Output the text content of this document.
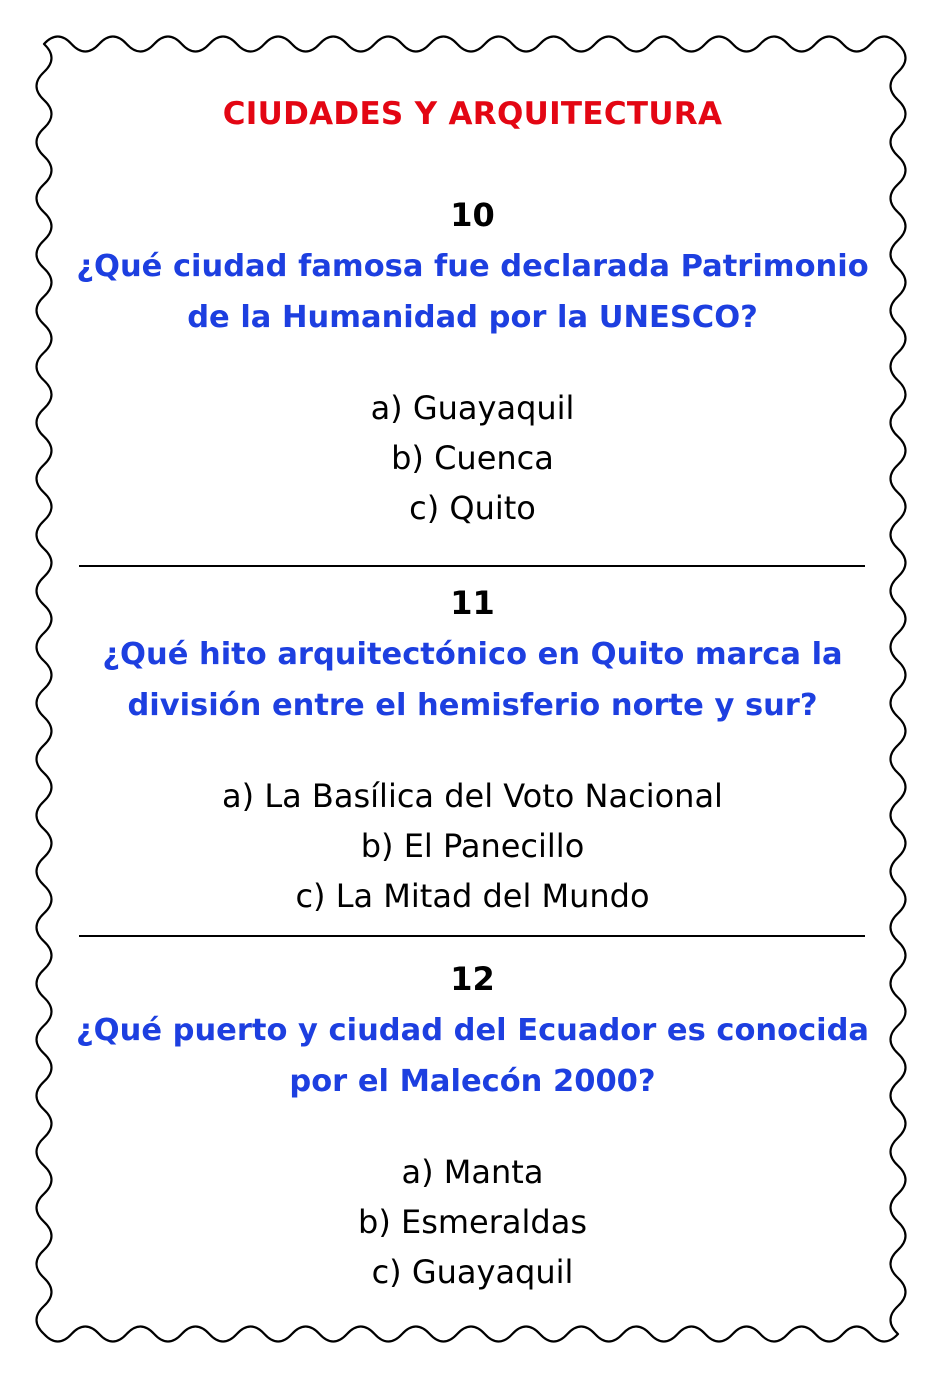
CIUDADES Y ARQUITECTURA
10
¿Qué ciudad famosa fue declarada Patrimonio de la Humanidad por la UNESCO?
a) Guayaquil
b) Cuenca
c) Quito
11
¿Qué hito arquitectónico en Quito marca la división entre el hemisferio norte y sur?
a) La Basílica del Voto Nacional
b) El Panecillo
c) La Mitad del Mundo
12
¿Qué puerto y ciudad del Ecuador es conocida por el Malecón 2000?
a) Manta
b) Esmeraldas
c) Guayaquil
